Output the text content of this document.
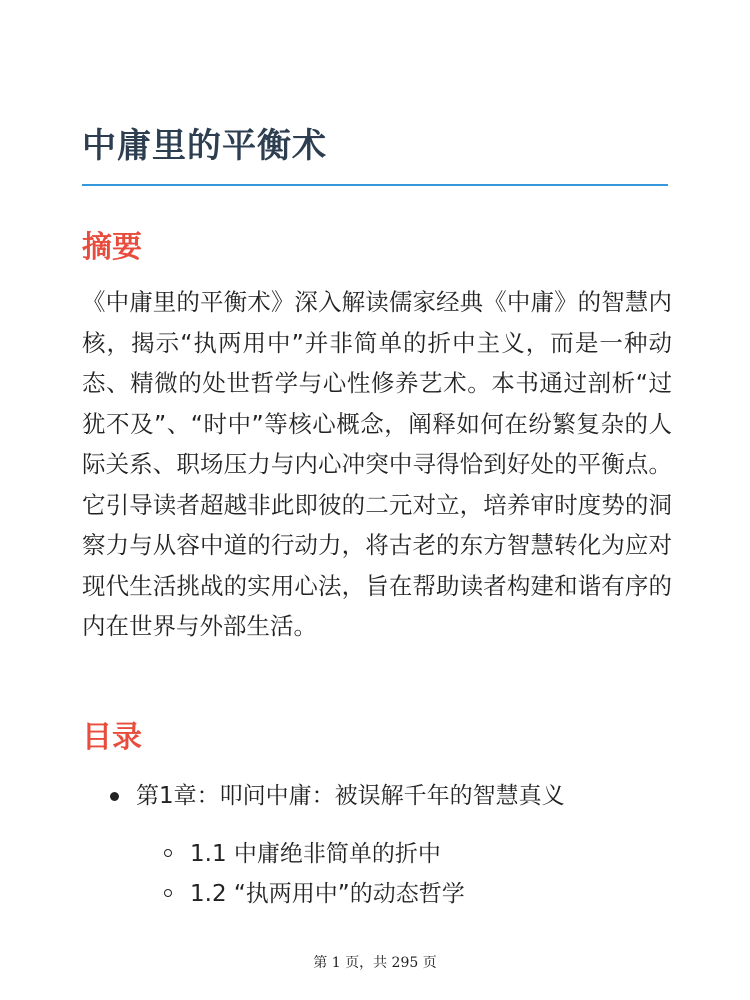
中庸里的平衡术
摘要

《中庸里的平衡术》深入解读儒家经典《中庸》的智慧内核，揭示“执两用中”并非简单的折中主义，而是一种动态、精微的处世哲学与心性修养艺术。本书通过剖析“过犹不及”、“时中”等核心概念，阐释如何在纷繁复杂的人际关系、职场压力与内心冲突中寻得恰到好处的平衡点。它引导读者超越非此即彼的二元对立，培养审时度势的洞察力与从容中道的行动力，将古老的东方智慧转化为应对现代生活挑战的实用心法，旨在帮助读者构建和谐有序的内在世界与外部生活。

目录
第1章：叩问中庸：被误解千年的智慧真义
1.1 中庸绝非简单的折中
1.2 “执两用中”的动态哲学
第 1 页，共 295 页
